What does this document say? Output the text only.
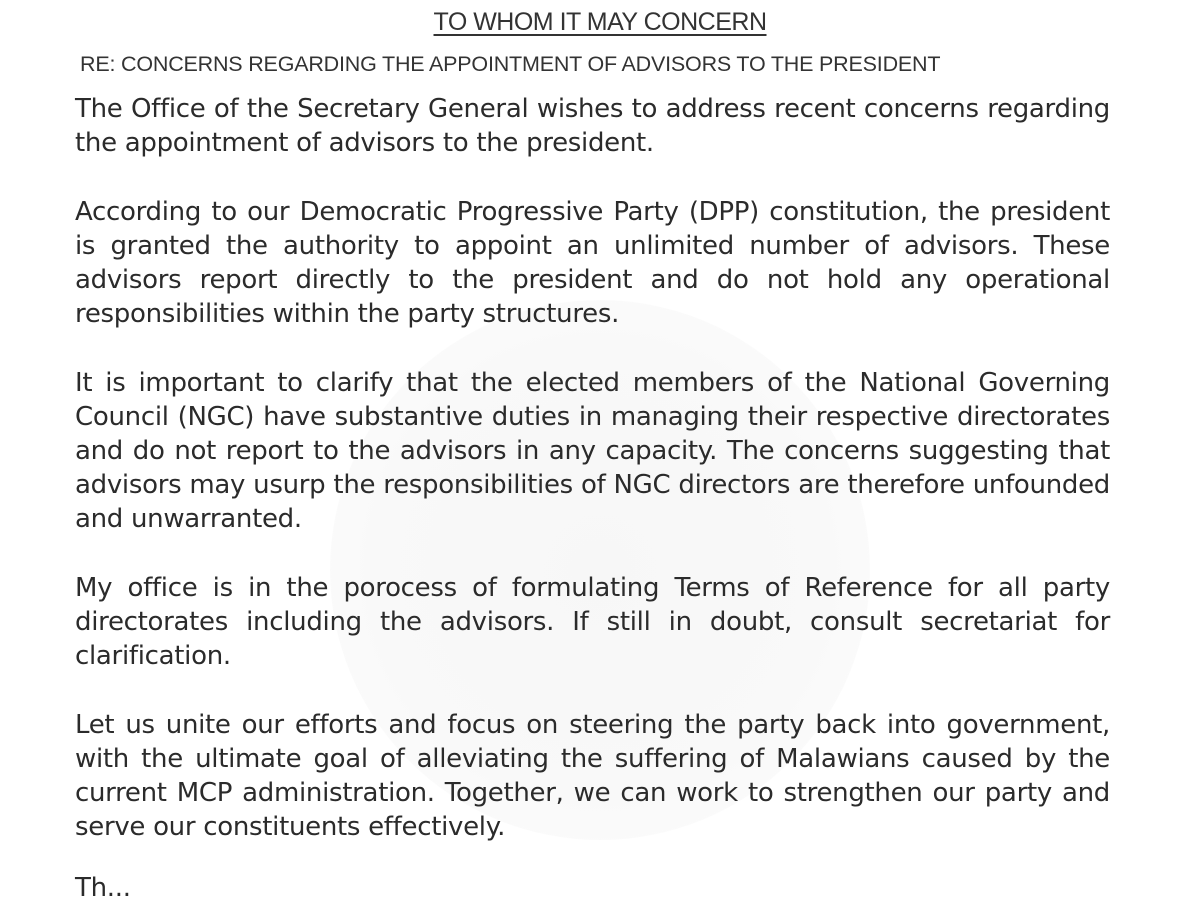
TO WHOM IT MAY CONCERN
RE: CONCERNS REGARDING THE APPOINTMENT OF ADVISORS TO THE PRESIDENT

The Office of the Secretary General wishes to address recent concerns regarding the appointment of advisors to the president.

According to our Democratic Progressive Party (DPP) constitution, the president is granted the authority to appoint an unlimited number of advisors. These advisors report directly to the president and do not hold any operational responsibilities within the party structures.

It is important to clarify that the elected members of the National Governing Council (NGC) have substantive duties in managing their respective directorates and do not report to the advisors in any capacity. The concerns suggesting that advisors may usurp the responsibilities of NGC directors are therefore unfounded and unwarranted.

My office is in the porocess of formulating Terms of Reference for all party directorates including the advisors. If still in doubt, consult secretariat for clarification.

Let us unite our efforts and focus on steering the party back into government, with the ultimate goal of alleviating the suffering of Malawians caused by the current MCP administration. Together, we can work to strengthen our party and serve our constituents effectively.

Th...
